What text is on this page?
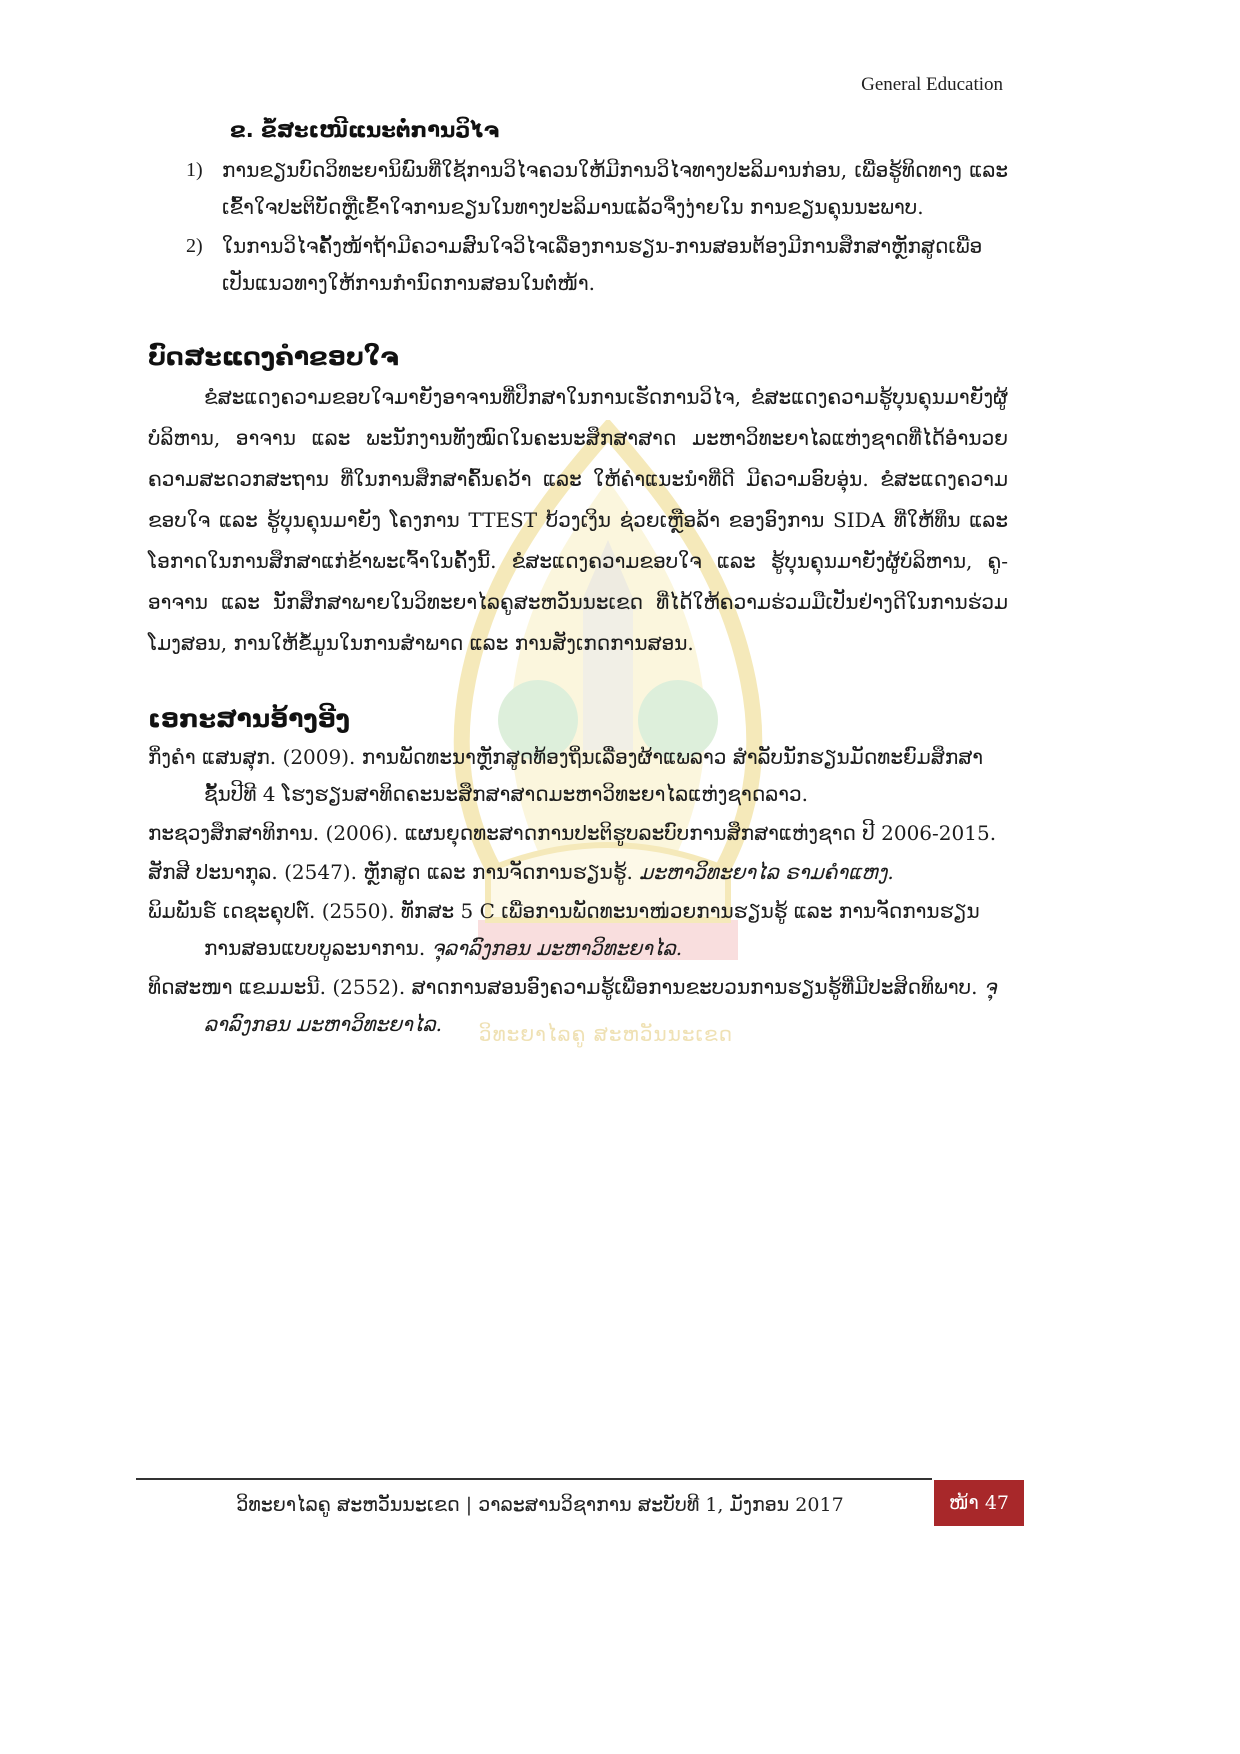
General Education
ວິທະຍາໄລຄູ ສະຫວັນນະເຂດ
ຂ. ຂໍ້ສະເໜີແນະຕໍ່ການວິໄຈ
1) ການຂຽນບົດວິທະຍານິພົນທີ່ໃຊ້ການວິໄຈຄວນໃຫ້ມີການວິໄຈທາງປະລິມານກ່ອນ, ເພື່ອຮູ້ທິດທາງ ແລະ ເຂົ້າໃຈປະຕິບັດຫຼືເຂົ້າໃຈການຂຽນໃນທາງປະລິມານແລ້ວຈຶ່ງງ່າຍໃນ ການຂຽນຄຸນນະພາບ.
2) ໃນການວິໄຈຄັ້ງໜ້າຖ້າມີຄວາມສົນໃຈວິໄຈເລື່ອງການຮຽນ-ການສອນຕ້ອງມີການສຶກສາຫຼັກສູດເພື່ອ ເປັນແນວທາງໃຫ້ການກຳນົດການສອນໃນຕໍ່ໜ້າ.
ບົດສະແດງຄຳຂອບໃຈ

ຂໍສະແດງຄວາມຂອບໃຈມາຍັງອາຈານທີ່ປຶກສາໃນການເຮັດການວິໄຈ, ຂໍສະແດງຄວາມຮູ້ບຸນຄຸນມາຍັງຜູ້ບໍລິຫານ, ອາຈານ ແລະ ພະນັກງານທັງໝົດໃນຄະນະສຶກສາສາດ ມະຫາວິທະຍາໄລແຫ່ງຊາດທີ່ໄດ້ອຳນວຍຄວາມສະດວກສະຖານ ທີ່ໃນການສຶກສາຄົ້ນຄວ້າ ແລະ ໃຫ້ຄຳແນະນຳທີ່ດີ ມີຄວາມອົບອຸ່ນ. ຂໍສະແດງຄວາມຂອບໃຈ ແລະ ຮູ້ບຸນຄຸນມາຍັງ ໂຄງການ TTEST ບ້ວງເງິນ ຊ່ວຍເຫຼືອລ້າ ຂອງອົງການ SIDA ທີ່ໃຫ້ທຶນ ແລະ ໂອກາດໃນການສຶກສາແກ່ຂ້າພະເຈົ້າໃນຄັ້ງນີ້. ຂໍສະແດງຄວາມຂອບໃຈ ແລະ ຮູ້ບຸນຄຸນມາຍັງຜູ້ບໍລິຫານ, ຄູ-ອາຈານ ແລະ ນັກສຶກສາພາຍໃນວິທະຍາໄລຄູສະຫວັນນະເຂດ ທີ່ໄດ້ໃຫ້ຄວາມຮ່ວມມືເປັນຢ່າງດີໃນການຮ່ວມໂມງສອນ, ການໃຫ້ຂໍ້ມູນໃນການສຳພາດ ແລະ ການສັງເກດການສອນ.

ເອກະສານອ້າງອີງ
ກິ່ງຄຳ ແສນສຸກ. (2009). ການພັດທະນາຫຼັກສູດທ້ອງຖິ່ນເລື່ອງຜ້າແພລາວ ສຳລັບນັກຮຽນມັດທະຍົມສຶກສາຊັ້ນປີທີ 4 ໂຮງຮຽນສາທິດຄະນະສຶກສາສາດມະຫາວິທະຍາໄລແຫ່ງຊາດລາວ.
ກະຊວງສຶກສາທິການ. (2006). ແຜນຍຸດທະສາດການປະຕິຮູບລະບົບການສຶກສາແຫ່ງຊາດ ປີ 2006-2015.
ສັກສີ ປະນາກຸລ. (2547). ຫຼັກສູດ ແລະ ການຈັດການຮຽນຮູ້. ມະຫາວິທະຍາໄລ ຣາມຄຳແຫງ.
ພິມພັນຣ໌ ເດຊະຄຸປຕ໌. (2550). ທັກສະ 5 C ເພື່ອການພັດທະນາໜ່ວຍການຮຽນຮູ້ ແລະ ການຈັດການຮຽນການສອນແບບບູລະນາການ. ຈຸລາລົງກອນ ມະຫາວິທະຍາໄລ.
ທິດສະໜາ ແຂມມະນີ. (2552). ສາດການສອນອົງຄວາມຮູ້ເພື່ອການຂະບວນການຮຽນຮູ້ທີ່ມີປະສິດທິພາບ. ຈຸລາລົງກອນ ມະຫາວິທະຍາໄລ.
ວິທະຍາໄລຄູ ສະຫວັນນະເຂດ | ວາລະສານວິຊາການ ສະບັບທີ 1, ມັງກອນ 2017	ໜ້າ 47
